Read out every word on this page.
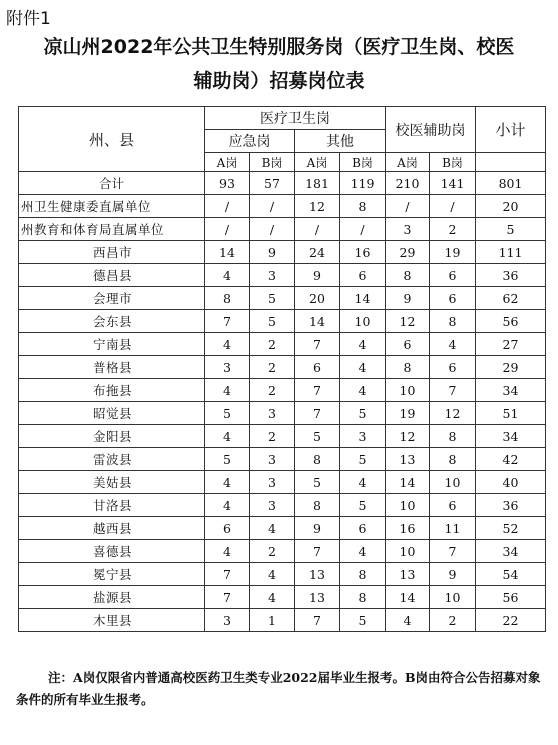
附件1
凉山州2022年公共卫生特别服务岗（医疗卫生岗、校医
辅助岗）招募岗位表
州、县	医疗卫生岗				校医辅助岗		小计
	应急岗		其他				
	A岗	B岗	A岗	B岗	A岗	B岗	
合计	93	57	181	119	210	141	801
州卫生健康委直属单位	/	/	12	8	/	/	20
州教育和体育局直属单位	/	/	/	/	3	2	5
西昌市	14	9	24	16	29	19	111
德昌县	4	3	9	6	8	6	36
会理市	8	5	20	14	9	6	62
会东县	7	5	14	10	12	8	56
宁南县	4	2	7	4	6	4	27
普格县	3	2	6	4	8	6	29
布拖县	4	2	7	4	10	7	34
昭觉县	5	3	7	5	19	12	51
金阳县	4	2	5	3	12	8	34
雷波县	5	3	8	5	13	8	42
美姑县	4	3	5	4	14	10	40
甘洛县	4	3	8	5	10	6	36
越西县	6	4	9	6	16	11	52
喜德县	4	2	7	4	10	7	34
冕宁县	7	4	13	8	13	9	54
盐源县	7	4	13	8	14	10	56
木里县	3	1	7	5	4	2	22
注：A岗仅限省内普通高校医药卫生类专业2022届毕业生报考。B岗由符合公告招募对象条件的所有毕业生报考。
